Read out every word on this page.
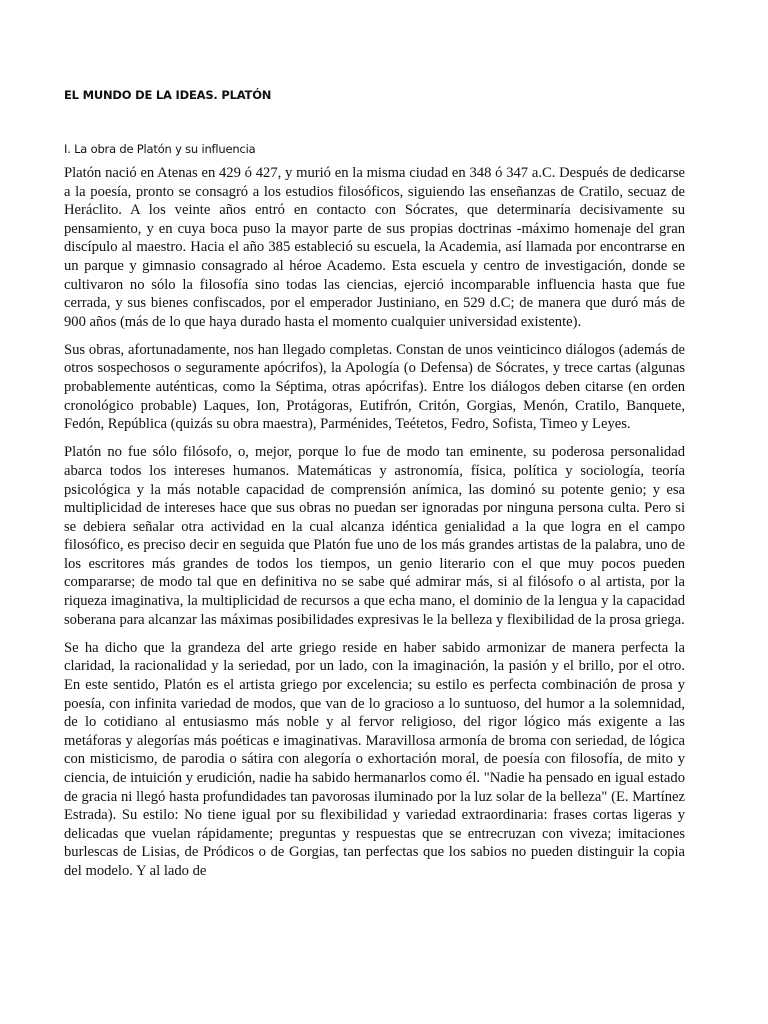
EL MUNDO DE LA IDEAS. PLATÓN
I. La obra de Platón y su influencia

Platón nació en Atenas en 429 ó 427, y murió en la misma ciudad en 348 ó 347 a.C. Después de dedicarse a la poesía, pronto se consagró a los estudios filosóficos, siguiendo las enseñanzas de Cratilo, secuaz de Heráclito. A los veinte años entró en contacto con Sócrates, que determinaría decisivamente su pensamiento, y en cuya boca puso la mayor parte de sus propias doctrinas -máximo homenaje del gran discípulo al maestro. Hacia el año 385 estableció su escuela, la Academia, así llamada por encontrarse en un parque y gimnasio consagrado al héroe Academo. Esta escuela y centro de investigación, donde se cultivaron no sólo la filosofía sino todas las ciencias, ejerció incomparable influencia hasta que fue cerrada, y sus bienes confiscados, por el emperador Justiniano, en 529 d.C; de manera que duró más de 900 años (más de lo que haya durado hasta el momento cualquier universidad existente).

Sus obras, afortunadamente, nos han llegado completas. Constan de unos veinticinco diálogos (además de otros sospechosos o seguramente apócrifos), la Apología (o Defensa) de Sócrates, y trece cartas (algunas probablemente auténticas, como la Séptima, otras apócrifas). Entre los diálogos deben citarse (en orden cronológico probable) Laques, Ion, Protágoras, Eutifrón, Critón, Gorgias, Menón, Cratilo, Banquete, Fedón, República (quizás su obra maestra), Parménides, Teétetos, Fedro, Sofista, Timeo y Leyes.

Platón no fue sólo filósofo, o, mejor, porque lo fue de modo tan eminente, su poderosa personalidad abarca todos los intereses humanos. Matemáticas y astronomía, física, política y sociología, teoría psicológica y la más notable capacidad de comprensión anímica, las dominó su potente genio; y esa multiplicidad de intereses hace que sus obras no puedan ser ignoradas por ninguna persona culta. Pero si se debiera señalar otra actividad en la cual alcanza idéntica genialidad a la que logra en el campo filosófico, es preciso decir en seguida que Platón fue uno de los más grandes artistas de la palabra, uno de los escritores más grandes de todos los tiempos, un genio literario con el que muy pocos pueden compararse; de modo tal que en definitiva no se sabe qué admirar más, si al filósofo o al artista, por la riqueza imaginativa, la multiplicidad de recursos a que echa mano, el dominio de la lengua y la capacidad soberana para alcanzar las máximas posibilidades expresivas le la belleza y flexibilidad de la prosa griega.

Se ha dicho que la grandeza del arte griego reside en haber sabido armonizar de manera perfecta la claridad, la racionalidad y la seriedad, por un lado, con la imaginación, la pasión y el brillo, por el otro. En este sentido, Platón es el artista griego por excelencia; su estilo es perfecta combinación de prosa y poesía, con infinita variedad de modos, que van de lo gracioso a lo suntuoso, del humor a la solemnidad, de lo cotidiano al entusiasmo más noble y al fervor religioso, del rigor lógico más exigente a las metáforas y alegorías más poéticas e imaginativas. Maravillosa armonía de broma con seriedad, de lógica con misticismo, de parodia o sátira con alegoría o exhortación moral, de poesía con filosofía, de mito y ciencia, de intuición y erudición, nadie ha sabido hermanarlos como él. "Nadie ha pensado en igual estado de gracia ni llegó hasta profundidades tan pavorosas iluminado por la luz solar de la belleza" (E. Martínez Estrada). Su estilo: No tiene igual por su flexibilidad y variedad extraordinaria: frases cortas ligeras y delicadas que vuelan rápidamente; preguntas y respuestas que se entrecruzan con viveza; imitaciones burlescas de Lisias, de Pródicos o de Gorgias, tan perfectas que los sabios no pueden distinguir la copia del modelo. Y al lado de
